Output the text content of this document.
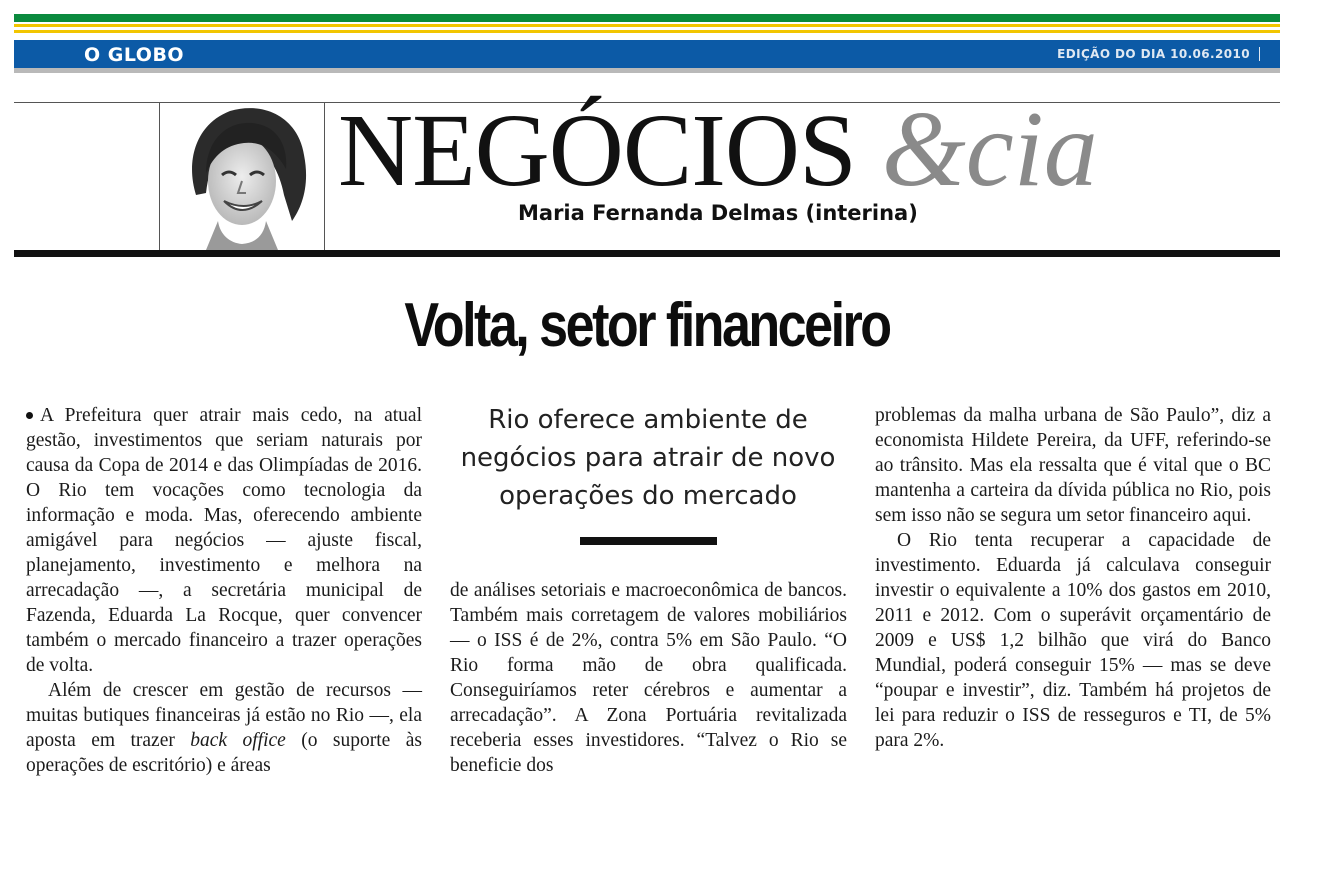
O GLOBO	EDIÇÃO DO DIA 10.06.2010
NEGÓCIOS &cia
Maria Fernanda Delmas (interina)
Volta, setor financeiro

A Prefeitura quer atrair mais cedo, na atual gestão, investimentos que seriam naturais por causa da Copa de 2014 e das Olimpíadas de 2016. O Rio tem vocações como tecnologia da informação e moda. Mas, oferecendo ambiente amigável para negócios — ajuste fiscal, planejamento, investimento e melhora na arrecadação —, a secretária municipal de Fazenda, Eduarda La Rocque, quer convencer também o mercado financeiro a trazer operações de volta.

Além de crescer em gestão de recursos — muitas butiques financeiras já estão no Rio —, ela aposta em trazer back office (o suporte às operações de escritório) e áreas

Rio oferece ambiente de
negócios para atrair de novo
operações do mercado

de análises setoriais e macroeconômica de bancos. Também mais corretagem de valores mobiliários — o ISS é de 2%, contra 5% em São Paulo. “O Rio forma mão de obra qualificada. Conseguiríamos reter cérebros e aumentar a arrecadação”. A Zona Portuária revitalizada receberia esses investidores. “Talvez o Rio se beneficie dos

problemas da malha urbana de São Paulo”, diz a economista Hildete Pereira, da UFF, referindo-se ao trânsito. Mas ela ressalta que é vital que o BC mantenha a carteira da dívida pública no Rio, pois sem isso não se segura um setor financeiro aqui.

O Rio tenta recuperar a capacidade de investimento. Eduarda já calculava conseguir investir o equivalente a 10% dos gastos em 2010, 2011 e 2012. Com o superávit orçamentário de 2009 e US$ 1,2 bilhão que virá do Banco Mundial, poderá conseguir 15% — mas se deve “poupar e investir”, diz. Também há projetos de lei para reduzir o ISS de resseguros e TI, de 5% para 2%.
